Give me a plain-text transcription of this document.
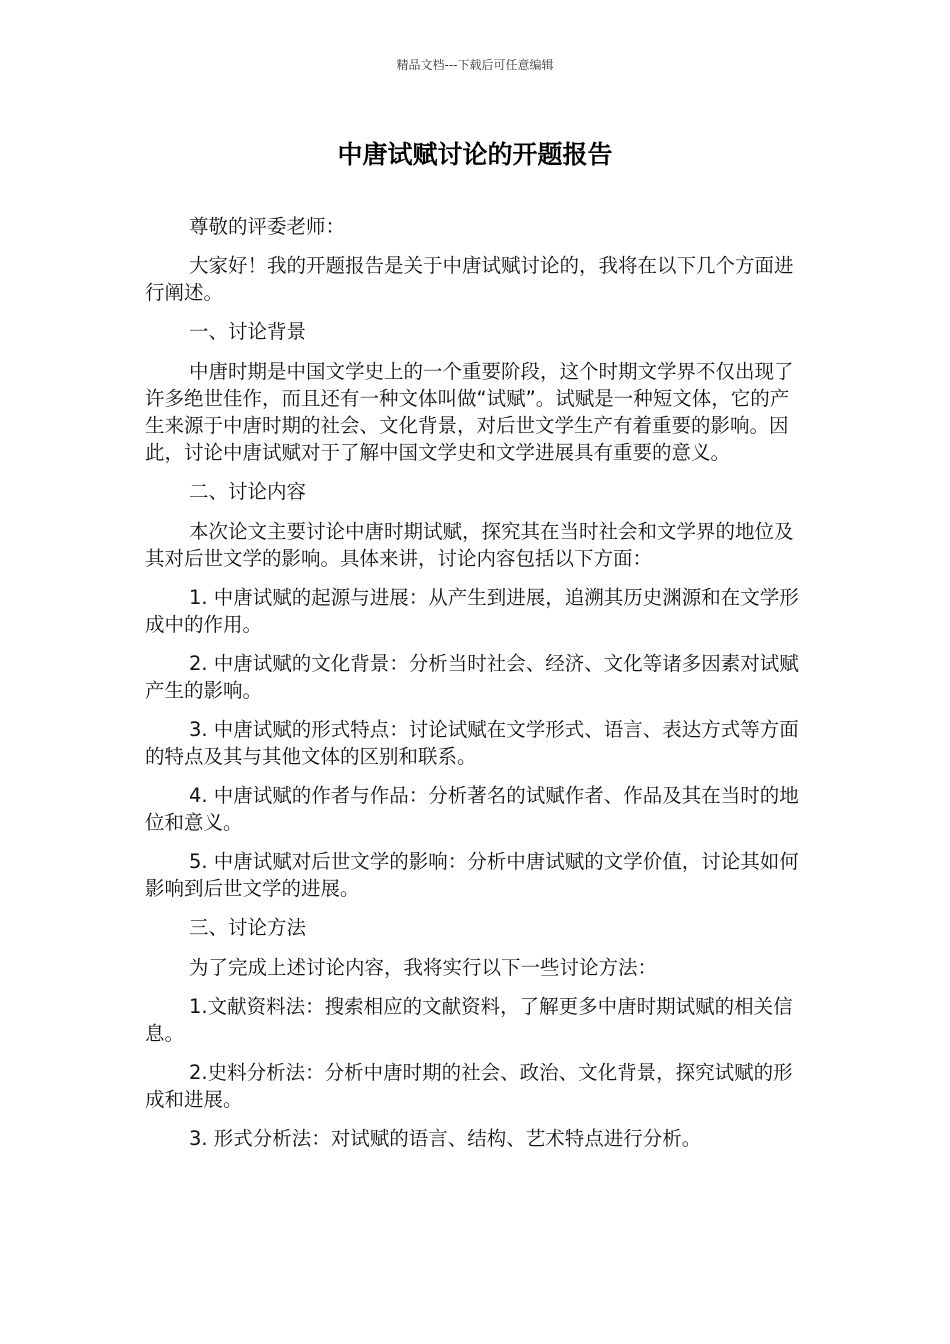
精品文档---下载后可任意编辑
中唐试赋讨论的开题报告

尊敬的评委老师：

大家好！我的开题报告是关于中唐试赋讨论的，我将在以下几个方面进行阐述。

一、讨论背景

中唐时期是中国文学史上的一个重要阶段，这个时期文学界不仅出现了许多绝世佳作，而且还有一种文体叫做“试赋”。试赋是一种短文体，它的产生来源于中唐时期的社会、文化背景，对后世文学生产有着重要的影响。因此，讨论中唐试赋对于了解中国文学史和文学进展具有重要的意义。

二、讨论内容

本次论文主要讨论中唐时期试赋，探究其在当时社会和文学界的地位及其对后世文学的影响。具体来讲，讨论内容包括以下方面：

1. 中唐试赋的起源与进展：从产生到进展，追溯其历史渊源和在文学形成中的作用。

2. 中唐试赋的文化背景：分析当时社会、经济、文化等诸多因素对试赋产生的影响。

3. 中唐试赋的形式特点：讨论试赋在文学形式、语言、表达方式等方面的特点及其与其他文体的区别和联系。

4. 中唐试赋的作者与作品：分析著名的试赋作者、作品及其在当时的地位和意义。

5. 中唐试赋对后世文学的影响：分析中唐试赋的文学价值，讨论其如何影响到后世文学的进展。

三、讨论方法

为了完成上述讨论内容，我将实行以下一些讨论方法：

1.文献资料法：搜索相应的文献资料，了解更多中唐时期试赋的相关信息。

2.史料分析法：分析中唐时期的社会、政治、文化背景，探究试赋的形成和进展。

3. 形式分析法：对试赋的语言、结构、艺术特点进行分析。
